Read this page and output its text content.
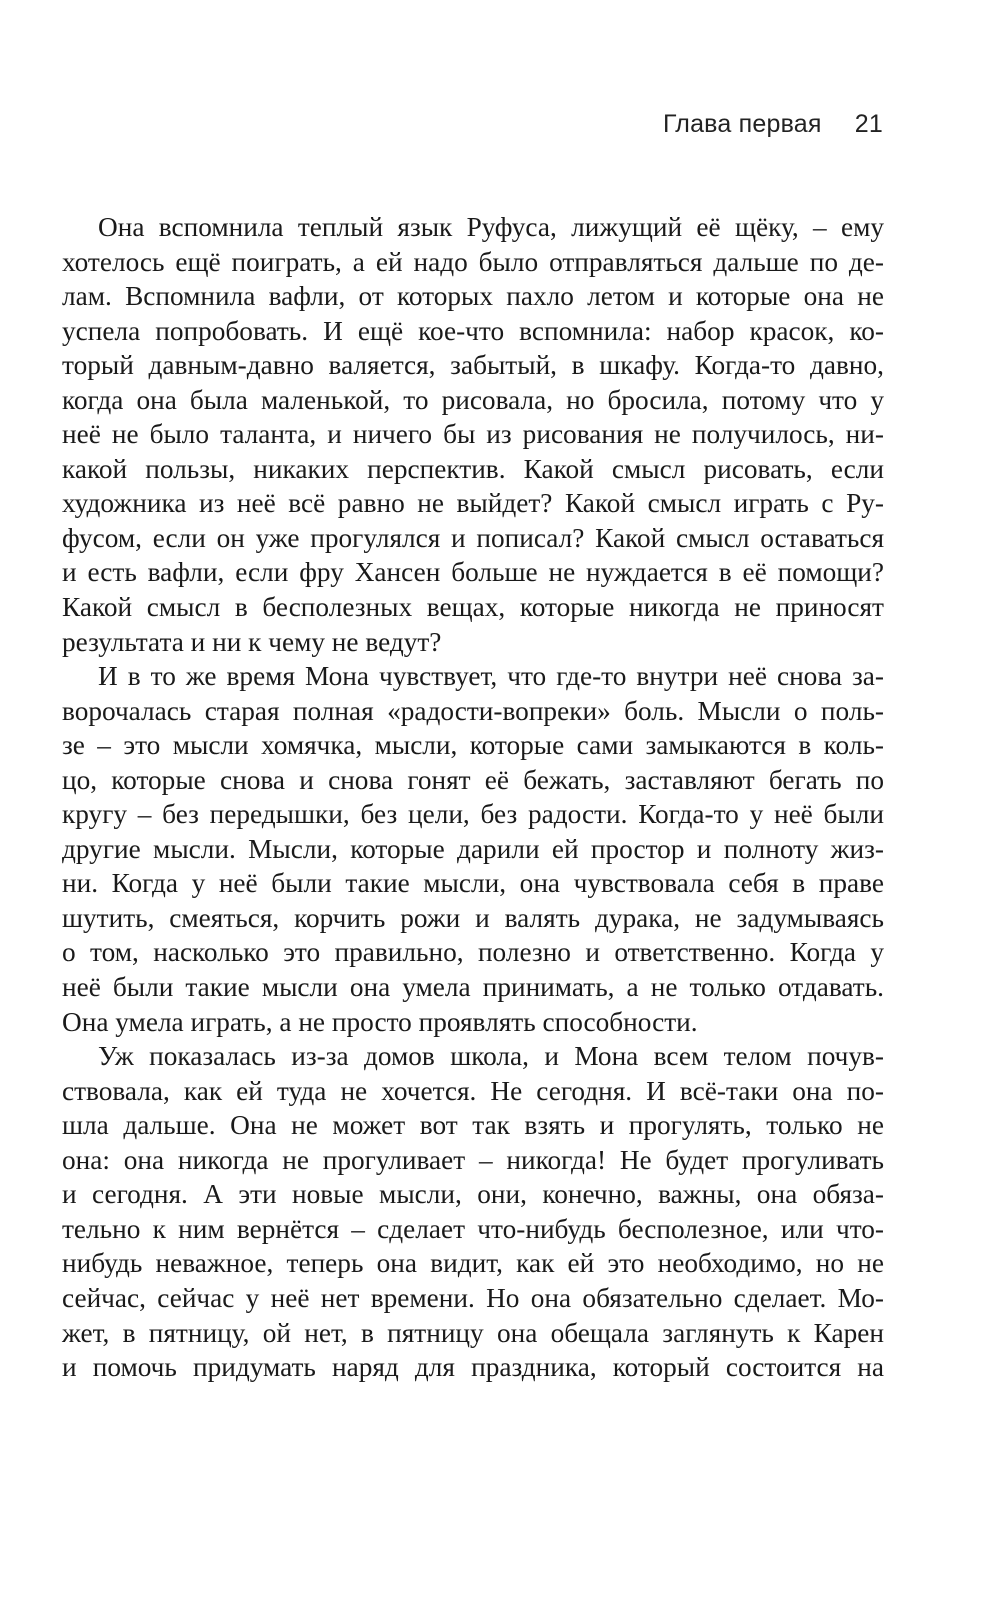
Глава первая 21
Она вспомнила теплый язык Руфуса, лижущий её щёку, – ему
хотелось ещё поиграть, а ей надо было отправляться дальше по де-
лам. Вспомнила вафли, от которых пахло летом и которые она не
успела попробовать. И ещё кое-что вспомнила: набор красок, ко-
торый давным-давно валяется, забытый, в шкафу. Когда-то давно,
когда она была маленькой, то рисовала, но бросила, потому что у
неё не было таланта, и ничего бы из рисования не получилось, ни-
какой пользы, никаких перспектив. Какой смысл рисовать, если
художника из неё всё равно не выйдет? Какой смысл играть с Ру-
фусом, если он уже прогулялся и пописал? Какой смысл оставаться
и есть вафли, если фру Хансен больше не нуждается в её помощи?
Какой смысл в бесполезных вещах, которые никогда не приносят
результата и ни к чему не ведут?
И в то же время Мона чувствует, что где-то внутри неё снова за-
ворочалась старая полная «радости-вопреки» боль. Мысли о поль-
зе – это мысли хомячка, мысли, которые сами замыкаются в коль-
цо, которые снова и снова гонят её бежать, заставляют бегать по
кругу – без передышки, без цели, без радости. Когда-то у неё были
другие мысли. Мысли, которые дарили ей простор и полноту жиз-
ни. Когда у неё были такие мысли, она чувствовала себя в праве
шутить, смеяться, корчить рожи и валять дурака, не задумываясь
о том, насколько это правильно, полезно и ответственно. Когда у
неё были такие мысли она умела принимать, а не только отдавать.
Она умела играть, а не просто проявлять способности.
Уж показалась из-за домов школа, и Мона всем телом почув-
ствовала, как ей туда не хочется. Не сегодня. И всё-таки она по-
шла дальше. Она не может вот так взять и прогулять, только не
она: она никогда не прогуливает – никогда! Не будет прогуливать
и сегодня. А эти новые мысли, они, конечно, важны, она обяза-
тельно к ним вернётся – сделает что-нибудь бесполезное, или что-
нибудь неважное, теперь она видит, как ей это необходимо, но не
сейчас, сейчас у неё нет времени. Но она обязательно сделает. Мо-
жет, в пятницу, ой нет, в пятницу она обещала заглянуть к Карен
и помочь придумать наряд для праздника, который состоится на
